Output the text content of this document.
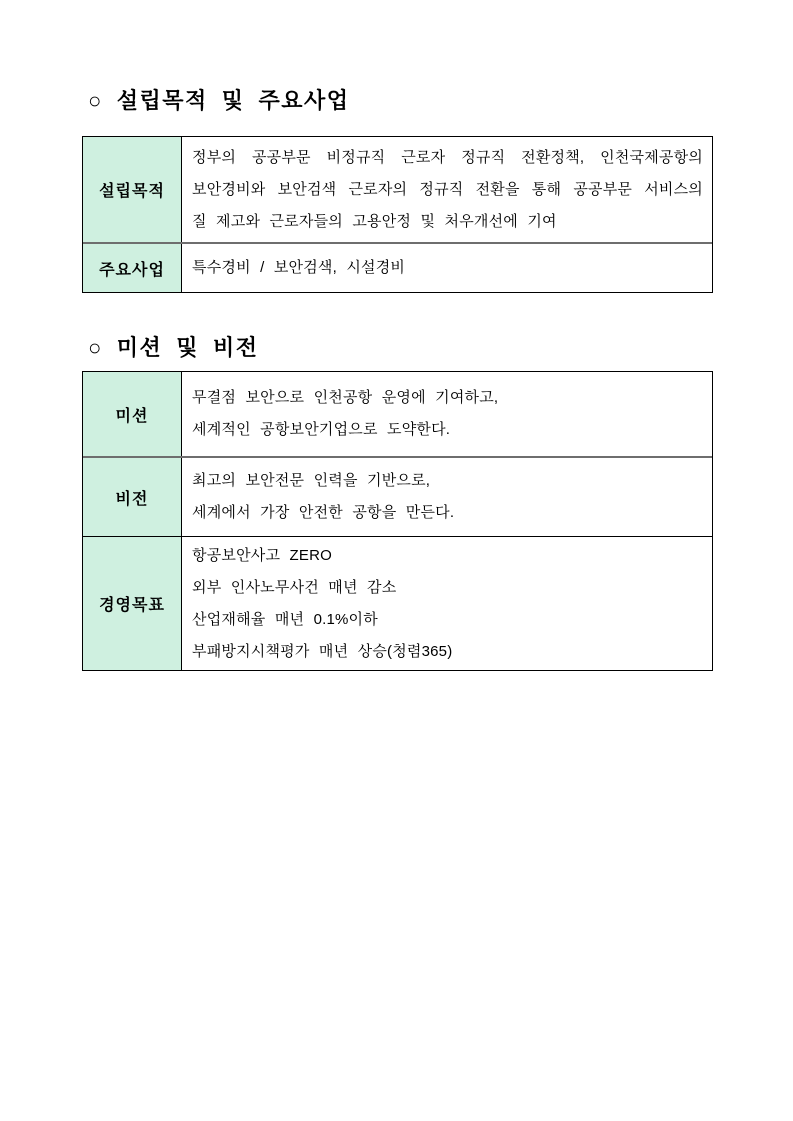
○ 설립목적 및 주요사업
설립목적
정부의 공공부문 비정규직 근로자 정규직 전환정책, 인천국제공항의
보안경비와 보안검색 근로자의 정규직 전환을 통해 공공부문 서비스의
질 제고와 근로자들의 고용안정 및 처우개선에 기여
주요사업 특수경비 / 보안검색, 시설경비
○ 미션 및 비전
미션
무결점 보안으로 인천공항 운영에 기여하고,
세계적인 공항보안기업으로 도약한다.
비전
최고의 보안전문 인력을 기반으로,
세계에서 가장 안전한 공항을 만든다.
경영목표
항공보안사고 ZERO
외부 인사노무사건 매년 감소
산업재해율 매년 0.1%이하
부패방지시책평가 매년 상승(청렴365)
